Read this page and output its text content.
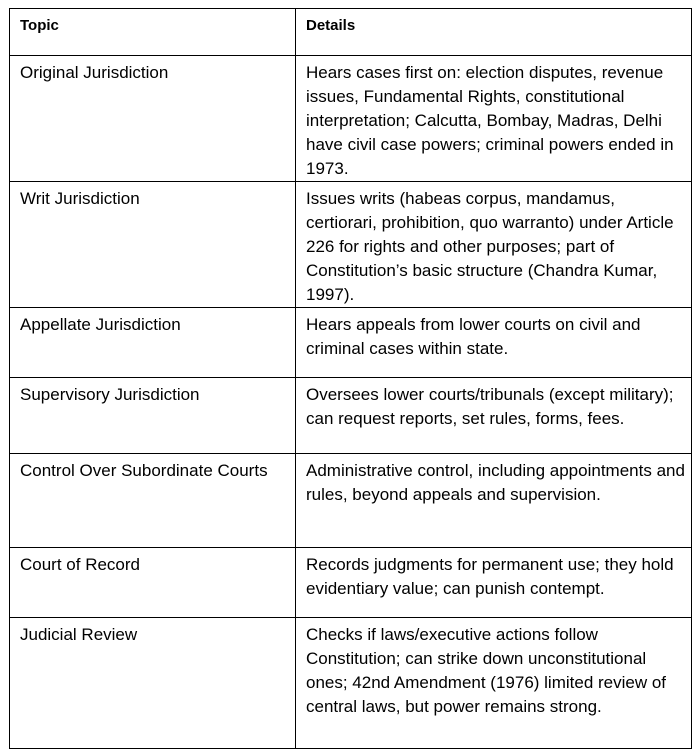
Topic	Details
Original Jurisdiction	Hears cases first on: election disputes, revenue issues, Fundamental Rights, constitutional interpretation; Calcutta, Bombay, Madras, Delhi have civil case powers; criminal powers ended in 1973.
Writ Jurisdiction	Issues writs (habeas corpus, mandamus, certiorari, prohibition, quo warranto) under Article 226 for rights and other purposes; part of Constitution’s basic structure (Chandra Kumar, 1997).
Appellate Jurisdiction	Hears appeals from lower courts on civil and criminal cases within state.
Supervisory Jurisdiction	Oversees lower courts/tribunals (except military); can request reports, set rules, forms, fees.
Control Over Subordinate Courts	Administrative control, including appointments and rules, beyond appeals and supervision.
Court of Record	Records judgments for permanent use; they hold evidentiary value; can punish contempt.
Judicial Review	Checks if laws/executive actions follow Constitution; can strike down unconstitutional ones; 42nd Amendment (1976) limited review of central laws, but power remains strong.
